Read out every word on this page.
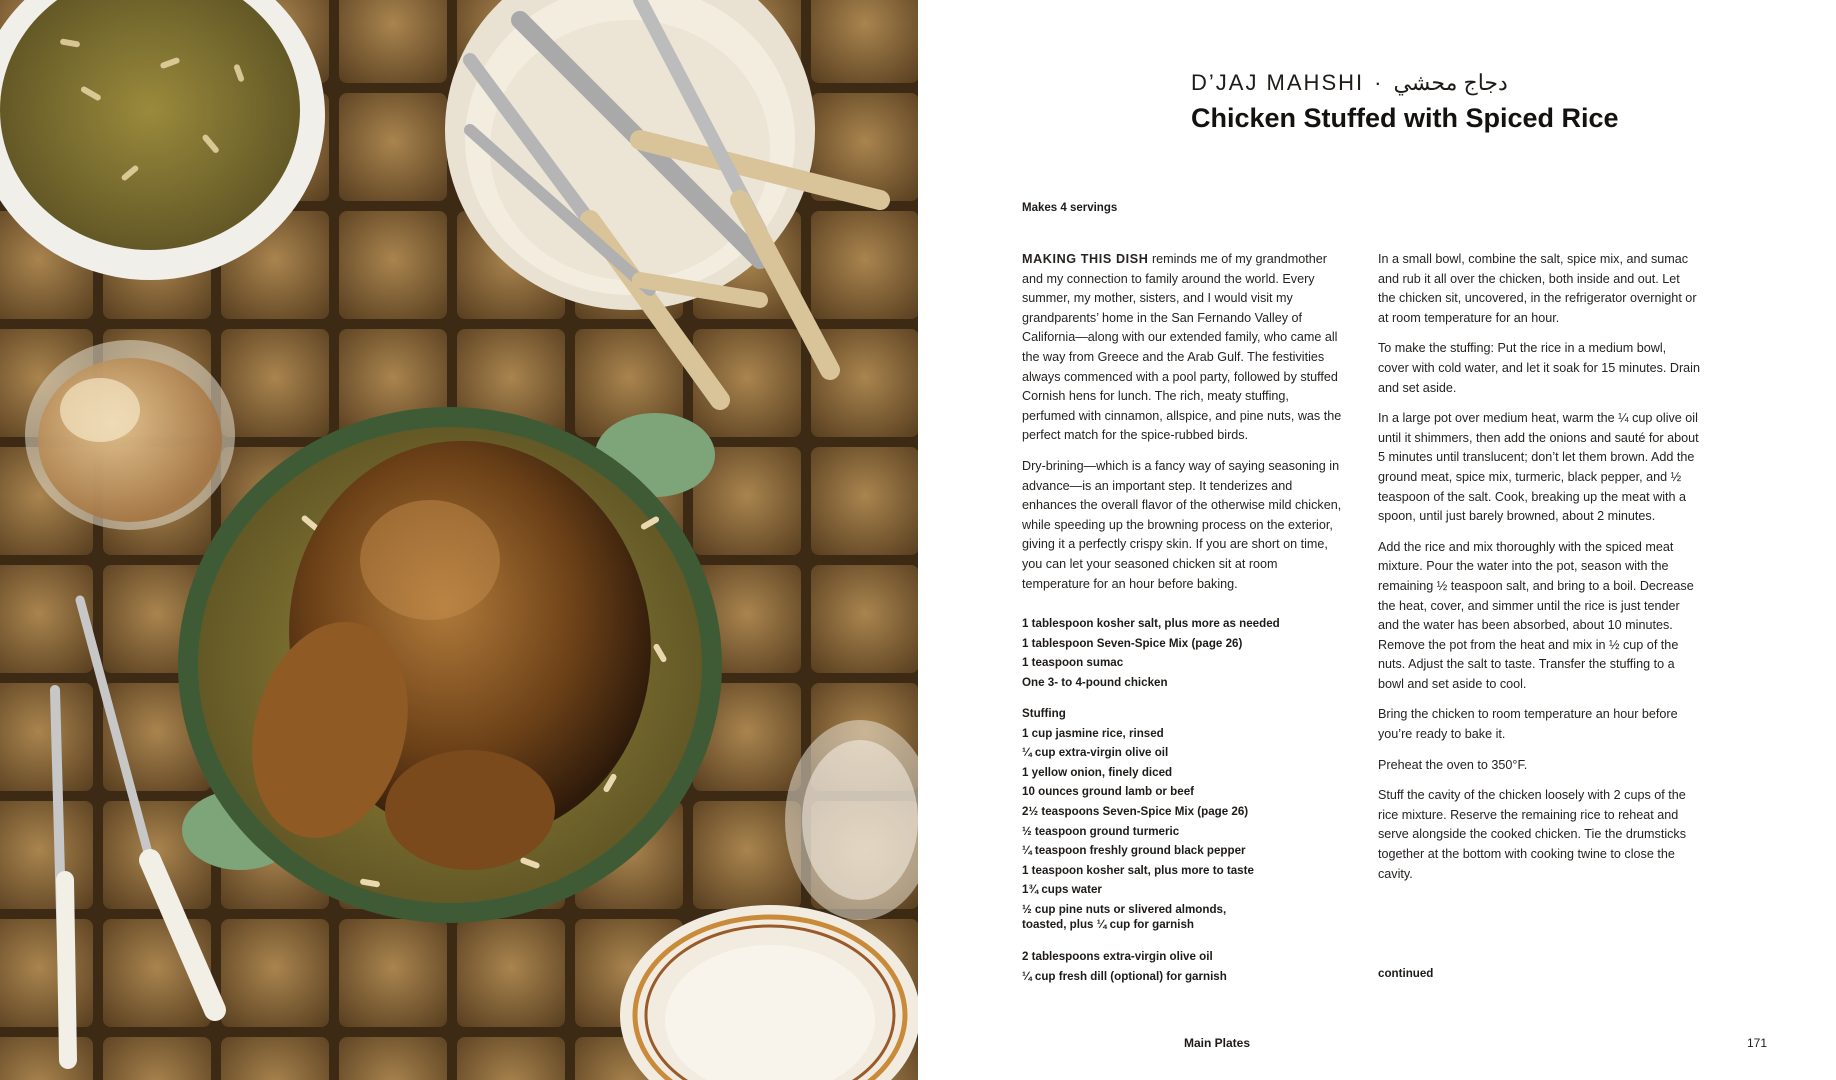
D’JAJ MAHSHI · دجاج محشي
Chicken Stuffed with Spiced Rice
Makes 4 servings

MAKING THIS DISH reminds me of my grandmother and my connection to family around the world. Every summer, my mother, sisters, and I would visit my grandparents’ home in the San Fernando Valley of California—along with our extended family, who came all the way from Greece and the Arab Gulf. The festivities always commenced with a pool party, followed by stuffed Cornish hens for lunch. The rich, meaty stuffing, perfumed with cinnamon, allspice, and pine nuts, was the perfect match for the spice-rubbed birds.

Dry-brining—which is a fancy way of saying seasoning in advance—is an important step. It tenderizes and enhances the overall flavor of the otherwise mild chicken, while speeding up the browning process on the exterior, giving it a perfectly crispy skin. If you are short on time, you can let your seasoned chicken sit at room temperature for an hour before baking.

1 tablespoon kosher salt, plus more as needed
1 tablespoon Seven-Spice Mix (page 26)
1 teaspoon sumac
One 3- to 4-pound chicken
Stuffing
1 cup jasmine rice, rinsed
¼ cup extra-virgin olive oil
1 yellow onion, finely diced
10 ounces ground lamb or beef
2½ teaspoons Seven-Spice Mix (page 26)
½ teaspoon ground turmeric
¼ teaspoon freshly ground black pepper
1 teaspoon kosher salt, plus more to taste
1¾ cups water
½ cup pine nuts or slivered almonds, toasted, plus ¼ cup for garnish
2 tablespoons extra-virgin olive oil
¼ cup fresh dill (optional) for garnish

In a small bowl, combine the salt, spice mix, and sumac and rub it all over the chicken, both inside and out. Let the chicken sit, uncovered, in the refrigerator overnight or at room temperature for an hour.

To make the stuffing: Put the rice in a medium bowl, cover with cold water, and let it soak for 15 minutes. Drain and set aside.

In a large pot over medium heat, warm the ¼ cup olive oil until it shimmers, then add the onions and sauté for about 5 minutes until translucent; don’t let them brown. Add the ground meat, spice mix, turmeric, black pepper, and ½ teaspoon of the salt. Cook, breaking up the meat with a spoon, until just barely browned, about 2 minutes.

Add the rice and mix thoroughly with the spiced meat mixture. Pour the water into the pot, season with the remaining ½ teaspoon salt, and bring to a boil. Decrease the heat, cover, and simmer until the rice is just tender and the water has been absorbed, about 10 minutes. Remove the pot from the heat and mix in ½ cup of the nuts. Adjust the salt to taste. Transfer the stuffing to a bowl and set aside to cool.

Bring the chicken to room temperature an hour before you’re ready to bake it.

Preheat the oven to 350°F.

Stuff the cavity of the chicken loosely with 2 cups of the rice mixture. Reserve the remaining rice to reheat and serve alongside the cooked chicken. Tie the drumsticks together at the bottom with cooking twine to close the cavity.

continued
Main Plates	171
